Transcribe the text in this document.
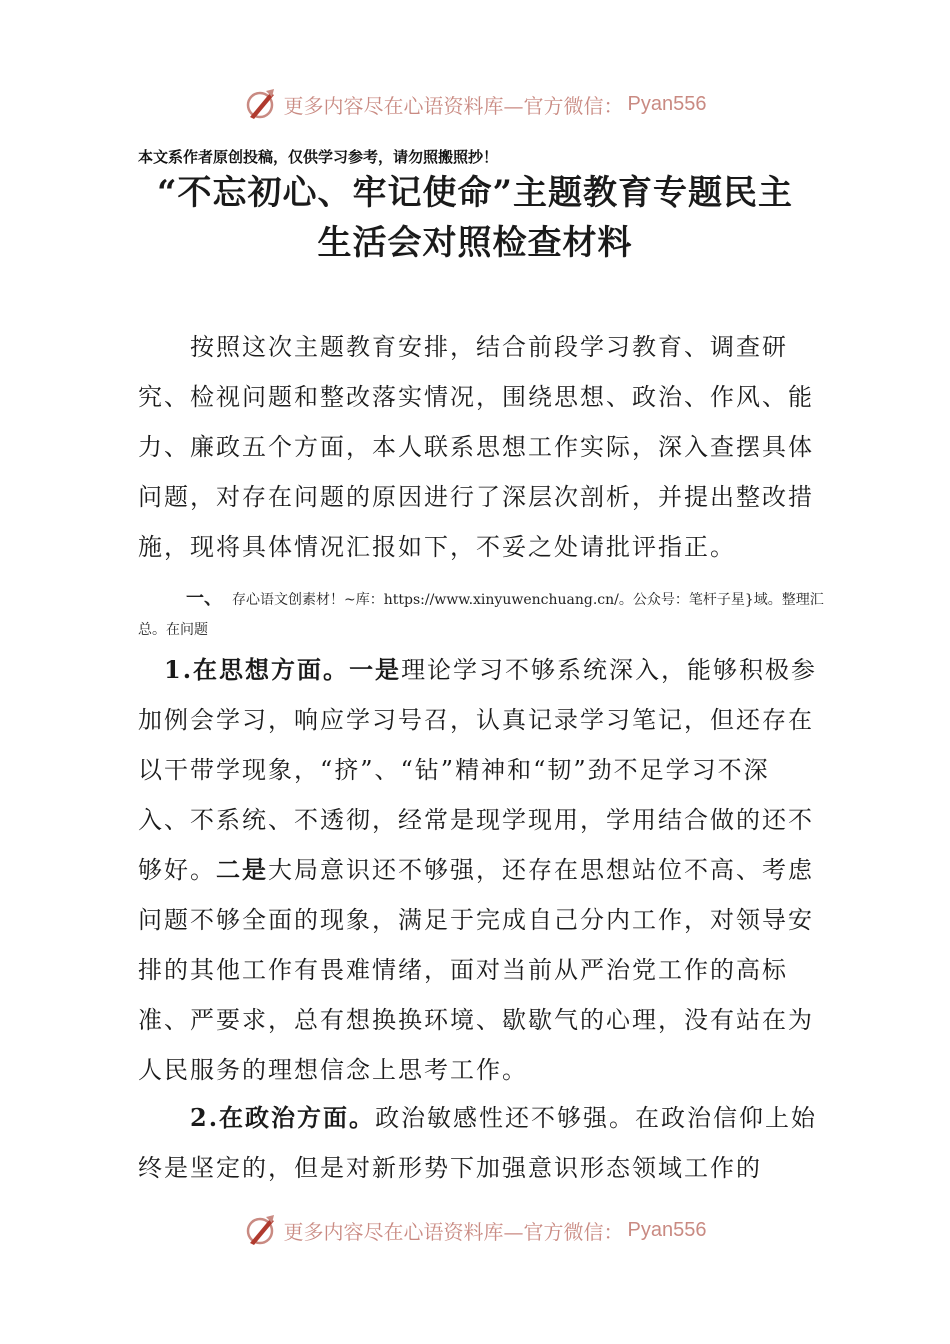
更多内容尽在心语资料库—官方微信： Pyan556
本文系作者原创投稿，仅供学习参考，请勿照搬照抄！
“不忘初心、牢记使命”主题教育专题民主
生活会对照检查材料
按照这次主题教育安排，结合前段学习教育、调查研究、检视问题和整改落实情况，围绕思想、政治、作风、能力、廉政五个方面，本人联系思想工作实际，深入查摆具体问题，对存在问题的原因进行了深层次剖析，并提出整改措施，现将具体情况汇报如下，不妥之处请批评指正。
一、 存心语文创素材！~库：https://www.xinyuwenchuang.cn/。公众号：笔杆子星}域。整理汇总。在问题
1.在思想方面。一是理论学习不够系统深入，能够积极参加例会学习，响应学习号召，认真记录学习笔记，但还存在以干带学现象，“挤”、“钻”精神和“韧”劲不足学习不深入、不系统、不透彻，经常是现学现用，学用结合做的还不够好。二是大局意识还不够强，还存在思想站位不高、考虑问题不够全面的现象，满足于完成自己分内工作，对领导安排的其他工作有畏难情绪，面对当前从严治党工作的高标准、严要求，总有想换换环境、歇歇气的心理，没有站在为人民服务的理想信念上思考工作。
2.在政治方面。政治敏感性还不够强。在政治信仰上始终是坚定的，但是对新形势下加强意识形态领域工作的
更多内容尽在心语资料库—官方微信： Pyan556
